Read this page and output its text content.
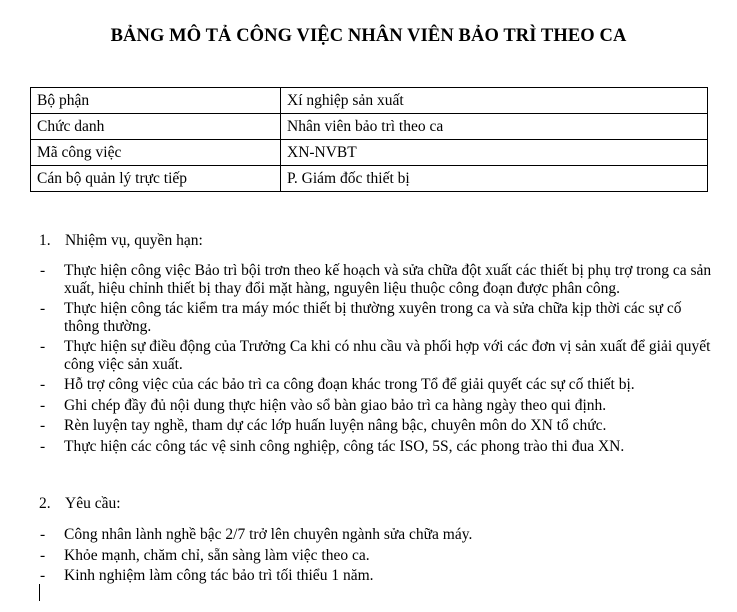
BẢNG MÔ TẢ CÔNG VIỆC NHÂN VIÊN BẢO TRÌ THEO CA
Bộ phận	Xí nghiệp sản xuất
Chức danh	Nhân viên bảo trì theo ca
Mã công việc	XN-NVBT
Cán bộ quản lý trực tiếp	P. Giám đốc thiết bị
1. Nhiệm vụ, quyền hạn:
-	Thực hiện công việc Bảo trì bội trơn theo kế hoạch và sửa chữa đột xuất các thiết bị phụ trợ trong ca sản xuất, hiệu chỉnh thiết bị thay đổi mặt hàng, nguyên liệu thuộc công đoạn được phân công.
-	Thực hiện công tác kiểm tra máy móc thiết bị thường xuyên trong ca và sửa chữa kịp thời các sự cố thông thường.
-	Thực hiện sự điều động của Trưởng Ca khi có nhu cầu và phối hợp với các đơn vị sản xuất để giải quyết công việc sản xuất.
-	Hỗ trợ công việc của các bảo trì ca công đoạn khác trong Tổ để giải quyết các sự cố thiết bị.
-	Ghi chép đầy đủ nội dung thực hiện vào sổ bàn giao bảo trì ca hàng ngày theo qui định.
-	Rèn luyện tay nghề, tham dự các lớp huấn luyện nâng bậc, chuyên môn do XN tổ chức.
-	Thực hiện các công tác vệ sinh công nghiệp, công tác ISO, 5S, các phong trào thi đua XN.
2. Yêu cầu:
-	Công nhân lành nghề bậc 2/7 trở lên chuyên ngành sửa chữa máy.
-	Khỏe mạnh, chăm chỉ, sẵn sàng làm việc theo ca.
-	Kinh nghiệm làm công tác bảo trì tối thiểu 1 năm.
